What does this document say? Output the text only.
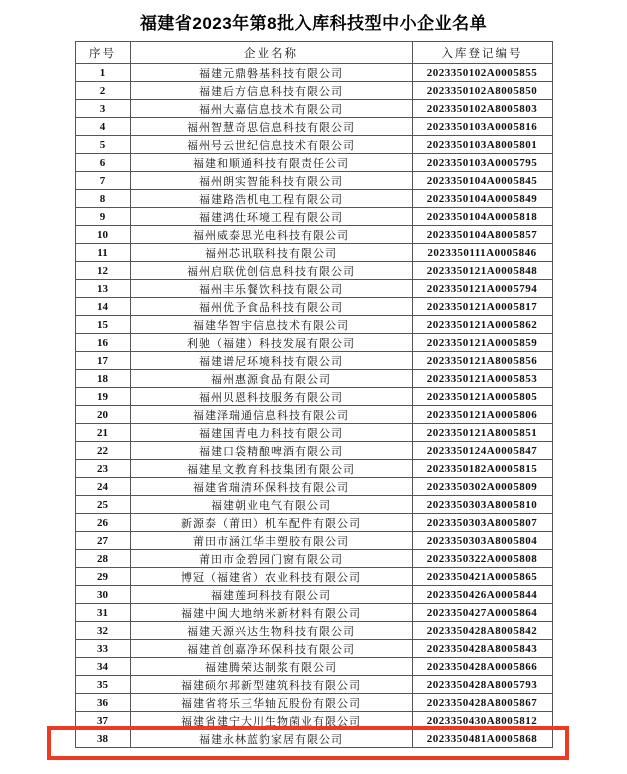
福建省2023年第8批入库科技型中小企业名单
序号	企业名称	入库登记编号
1	福建元鼎磐基科技有限公司	2023350102A0005855
2	福建后方信息科技有限公司	2023350102A8005850
3	福州大嘉信息技术有限公司	2023350102A8005803
4	福州智慧奇思信息科技有限公司	2023350103A0005816
5	福州号云世纪信息技术有限公司	2023350103A8005801
6	福建和顺通科技有限责任公司	2023350103A0005795
7	福州朗实智能科技有限公司	2023350104A0005845
8	福建路浩机电工程有限公司	2023350104A0005849
9	福建鸿仕环境工程有限公司	2023350104A0005818
10	福州威泰思光电科技有限公司	2023350104A8005857
11	福州芯讯联科技有限公司	2023350111A0005846
12	福州启联优创信息科技有限公司	2023350121A0005848
13	福州丰乐餐饮科技有限公司	2023350121A0005794
14	福州优予食品科技有限公司	2023350121A0005817
15	福建华智宇信息技术有限公司	2023350121A0005862
16	利驰（福建）科技发展有限公司	2023350121A0005859
17	福建谱尼环境科技有限公司	2023350121A8005856
18	福州惠源食品有限公司	2023350121A0005853
19	福州贝恩科技服务有限公司	2023350121A0005805
20	福建泽瑞通信息科技有限公司	2023350121A0005806
21	福建国青电力科技有限公司	2023350121A8005851
22	福建口袋精酿啤酒有限公司	2023350124A0005847
23	福建星文教育科技集团有限公司	2023350182A0005815
24	福建省瑞清环保科技有限公司	2023350302A0005809
25	福建朝业电气有限公司	2023350303A8005810
26	新源泰（莆田）机车配件有限公司	2023350303A8005807
27	莆田市涵江华丰塑胶有限公司	2023350303A8005804
28	莆田市金碧园门窗有限公司	2023350322A0005808
29	博冠（福建省）农业科技有限公司	2023350421A0005865
30	福建莲珂科技有限公司	2023350426A0005844
31	福建中闽大地纳米新材料有限公司	2023350427A0005864
32	福建天源兴达生物科技有限公司	2023350428A8005842
33	福建首创嘉净环保科技有限公司	2023350428A8005843
34	福建腾荣达制浆有限公司	2023350428A0005866
35	福建硕尔邦新型建筑科技有限公司	2023350428A8005793
36	福建省将乐三华轴瓦股份有限公司	2023350428A8005867
37	福建省建宁大川生物菌业有限公司	2023350430A8005812
38	福建永林蓝豹家居有限公司	2023350481A0005868
